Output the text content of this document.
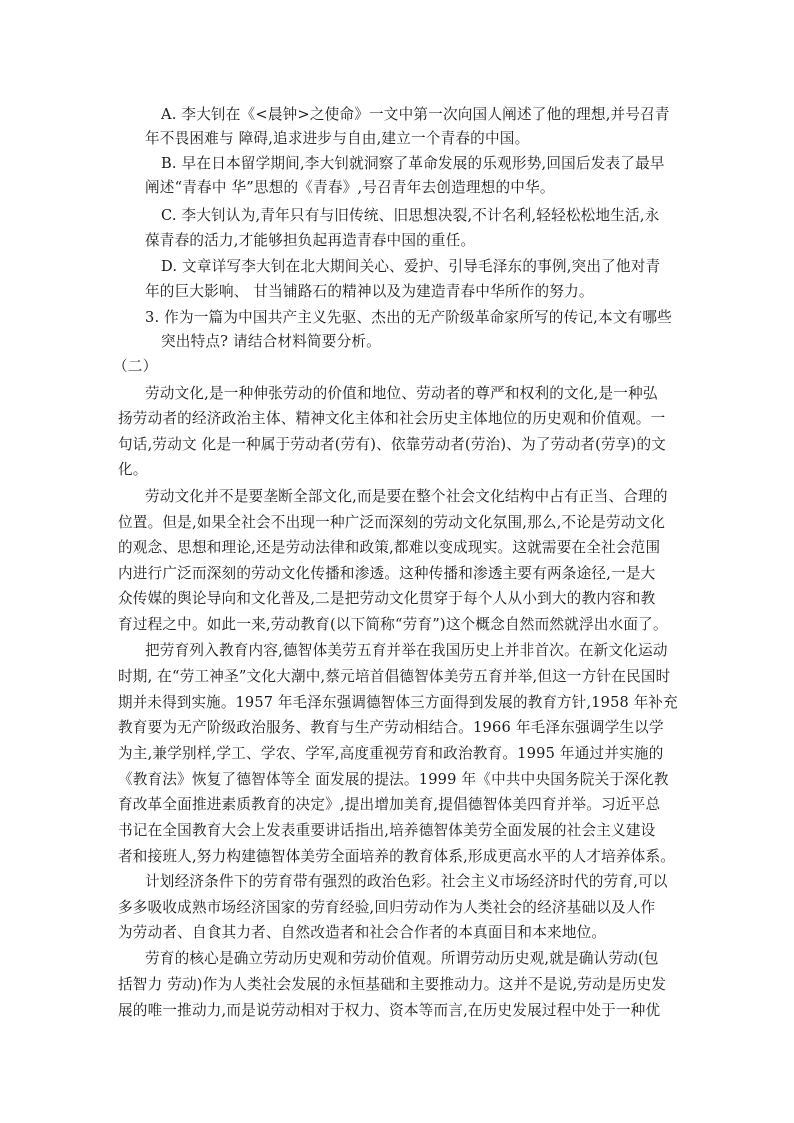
A. 李大钊在《<晨钟>之使命》一文中第一次向国人阐述了他的理想,并号召青
年不畏困难与 障碍,追求进步与自由,建立一个青春的中国。
B. 早在日本留学期间,李大钊就洞察了革命发展的乐观形势,回国后发表了最早
阐述“青春中 华”思想的《青春》,号召青年去创造理想的中华。
C. 李大钊认为,青年只有与旧传统、旧思想决裂,不计名利,轻轻松松地生活,永
葆青春的活力,才能够担负起再造青春中国的重任。
D. 文章详写李大钊在北大期间关心、爱护、引导毛泽东的事例,突出了他对青
年的巨大影响、 甘当铺路石的精神以及为建造青春中华所作的努力。
3. 作为一篇为中国共产主义先驱、杰出的无产阶级革命家所写的传记,本文有哪些
突出特点? 请结合材料简要分析。
（二）
劳动文化,是一种伸张劳动的价值和地位、劳动者的尊严和权利的文化,是一种弘
扬劳动者的经济政治主体、精神文化主体和社会历史主体地位的历史观和价值观。一
句话,劳动文 化是一种属于劳动者(劳有)、依靠劳动者(劳治)、为了劳动者(劳享)的文
化。
劳动文化并不是要垄断全部文化,而是要在整个社会文化结构中占有正当、合理的
位置。但是,如果全社会不出现一种广泛而深刻的劳动文化氛围,那么,不论是劳动文化
的观念、思想和理论,还是劳动法律和政策,都难以变成现实。这就需要在全社会范围
内进行广泛而深刻的劳动文化传播和渗透。这种传播和渗透主要有两条途径,一是大
众传媒的舆论导向和文化普及,二是把劳动文化贯穿于每个人从小到大的教内容和教
育过程之中。如此一来,劳动教育(以下简称“劳育”)这个概念自然而然就浮出水面了。
把劳育列入教育内容,德智体美劳五育并举在我国历史上并非首次。在新文化运动
时期, 在“劳工神圣”文化大潮中,蔡元培首倡德智体美劳五育并举,但这一方针在民国时
期并未得到实施。1957 年毛泽东强调德智体三方面得到发展的教育方针,1958 年补充
教育要为无产阶级政治服务、教育与生产劳动相结合。1966 年毛泽东强调学生以学
为主,兼学别样,学工、学农、学军,高度重视劳育和政治教育。1995 年通过并实施的
《教育法》恢复了德智体等全 面发展的提法。1999 年《中共中央国务院关于深化教
育改革全面推进素质教育的决定》,提出增加美育,提倡德智体美四育并举。习近平总
书记在全国教育大会上发表重要讲话指出,培养德智体美劳全面发展的社会主义建设
者和接班人,努力构建德智体美劳全面培养的教育体系,形成更高水平的人才培养体系。
计划经济条件下的劳育带有强烈的政治色彩。社会主义市场经济时代的劳育,可以
多多吸收成熟市场经济国家的劳育经验,回归劳动作为人类社会的经济基础以及人作
为劳动者、自食其力者、自然改造者和社会合作者的本真面目和本来地位。
劳育的核心是确立劳动历史观和劳动价值观。所谓劳动历史观,就是确认劳动(包
括智力 劳动)作为人类社会发展的永恒基础和主要推动力。这并不是说,劳动是历史发
展的唯一推动力,而是说劳动相对于权力、资本等而言,在历史发展过程中处于一种优
